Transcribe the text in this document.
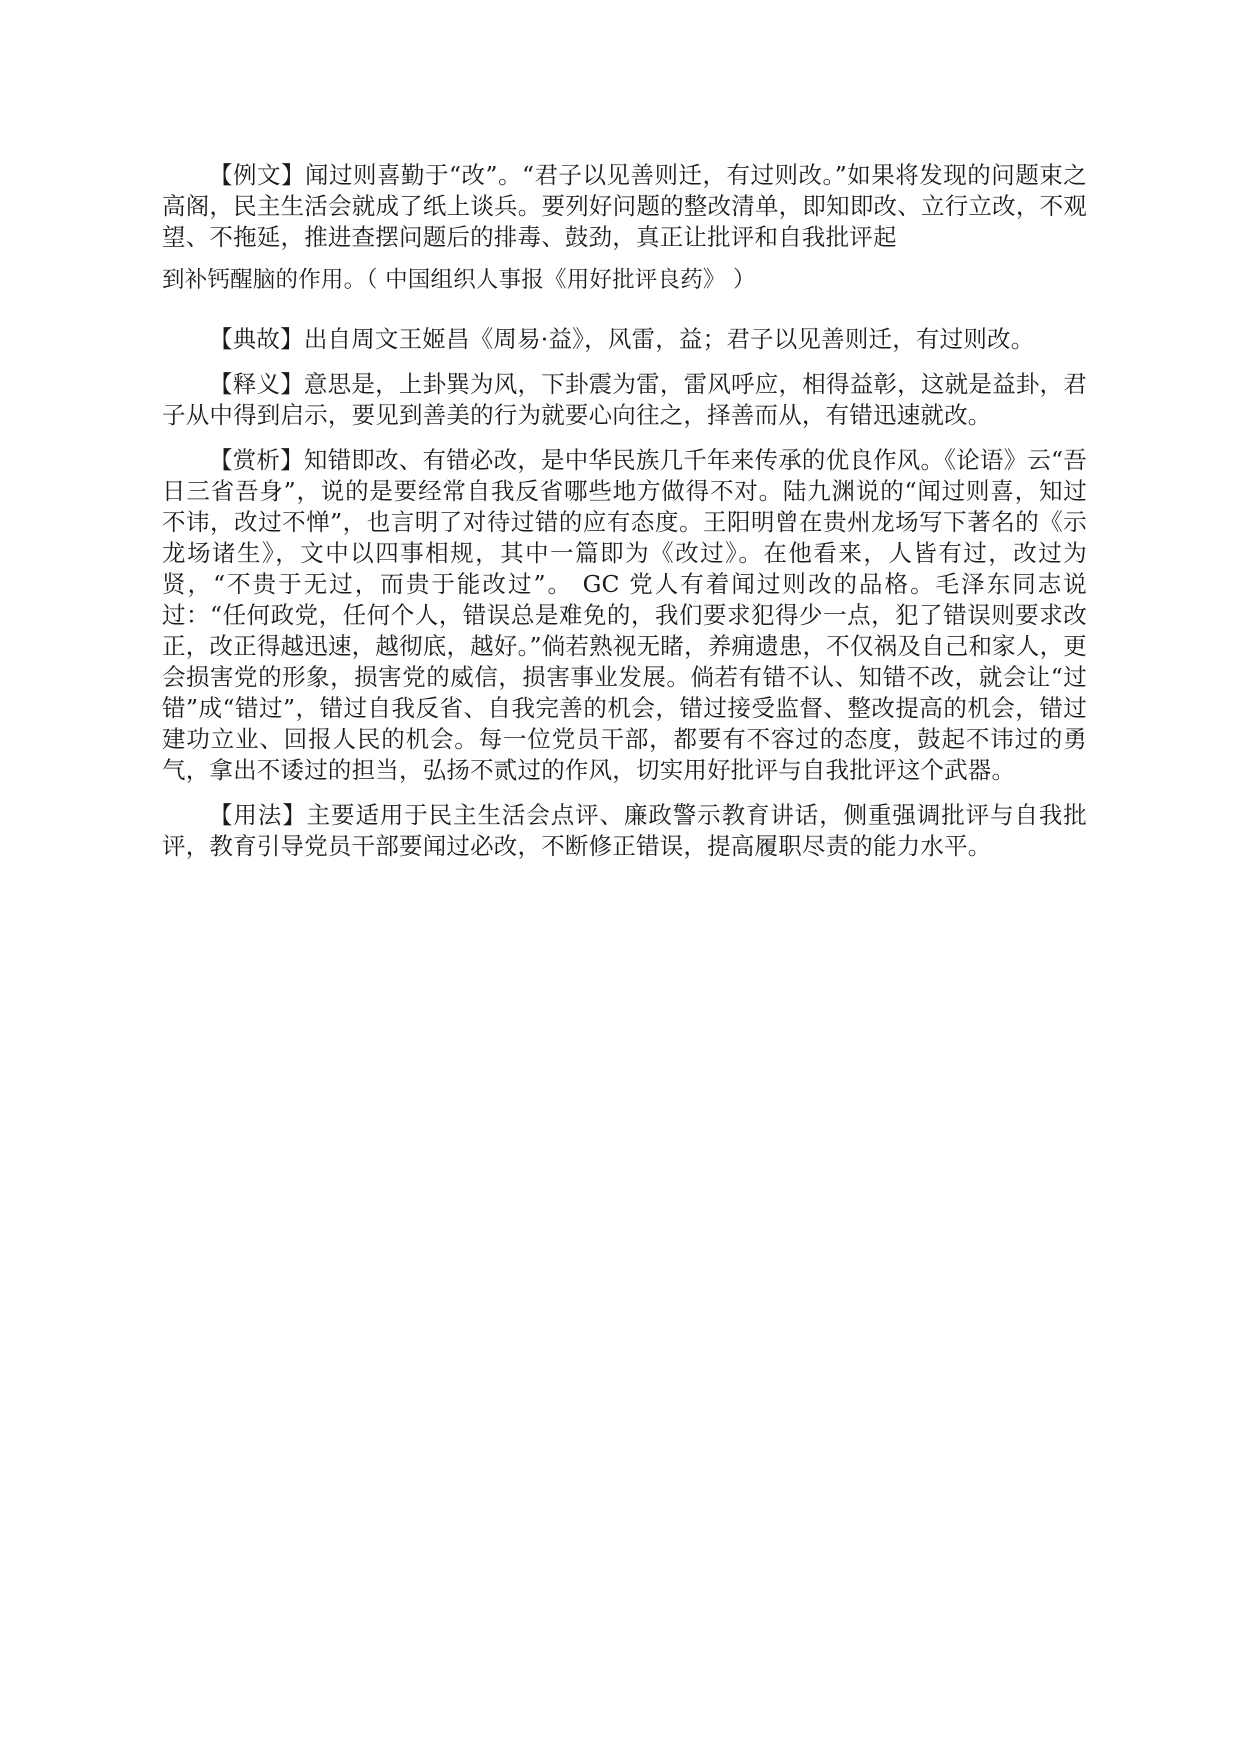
【例文】闻过则喜勤于“改”。“君子以见善则迁，有过则改。”如果将发现的问题束之高阁，民主生活会就成了纸上谈兵。要列好问题的整改清单，即知即改、立行立改，不观望、不拖延，推进查摆问题后的排毒、鼓劲，真正让批评和自我批评起
到补钙醒脑的作用。（ 中国组织人事报《用好批评良药》 ）

【典故】出自周文王姬昌《周易·益》，风雷，益；君子以见善则迁，有过则改。

【释义】意思是，上卦巽为风，下卦震为雷，雷风呼应，相得益彰，这就是益卦，君子从中得到启示，要见到善美的行为就要心向往之，择善而从，有错迅速就改。

【赏析】知错即改、有错必改，是中华民族几千年来传承的优良作风。《论语》云“吾日三省吾身”，说的是要经常自我反省哪些地方做得不对。陆九渊说的“闻过则喜，知过不讳，改过不惮”，也言明了对待过错的应有态度。王阳明曾在贵州龙场写下著名的《示龙场诸生》，文中以四事相规，其中一篇即为《改过》。在他看来，人皆有过，改过为贤，“不贵于无过，而贵于能改过”。 GC 党人有着闻过则改的品格。毛泽东同志说过：“任何政党，任何个人，错误总是难免的，我们要求犯得少一点，犯了错误则要求改正，改正得越迅速，越彻底，越好。”倘若熟视无睹，养痈遗患，不仅祸及自己和家人，更会损害党的形象，损害党的威信，损害事业发展。倘若有错不认、知错不改，就会让“过错”成“错过”，错过自我反省、自我完善的机会，错过接受监督、整改提高的机会，错过建功立业、回报人民的机会。每一位党员干部，都要有不容过的态度，鼓起不讳过的勇气，拿出不诿过的担当，弘扬不贰过的作风，切实用好批评与自我批评这个武器。

【用法】主要适用于民主生活会点评、廉政警示教育讲话，侧重强调批评与自我批评，教育引导党员干部要闻过必改，不断修正错误，提高履职尽责的能力水平。
